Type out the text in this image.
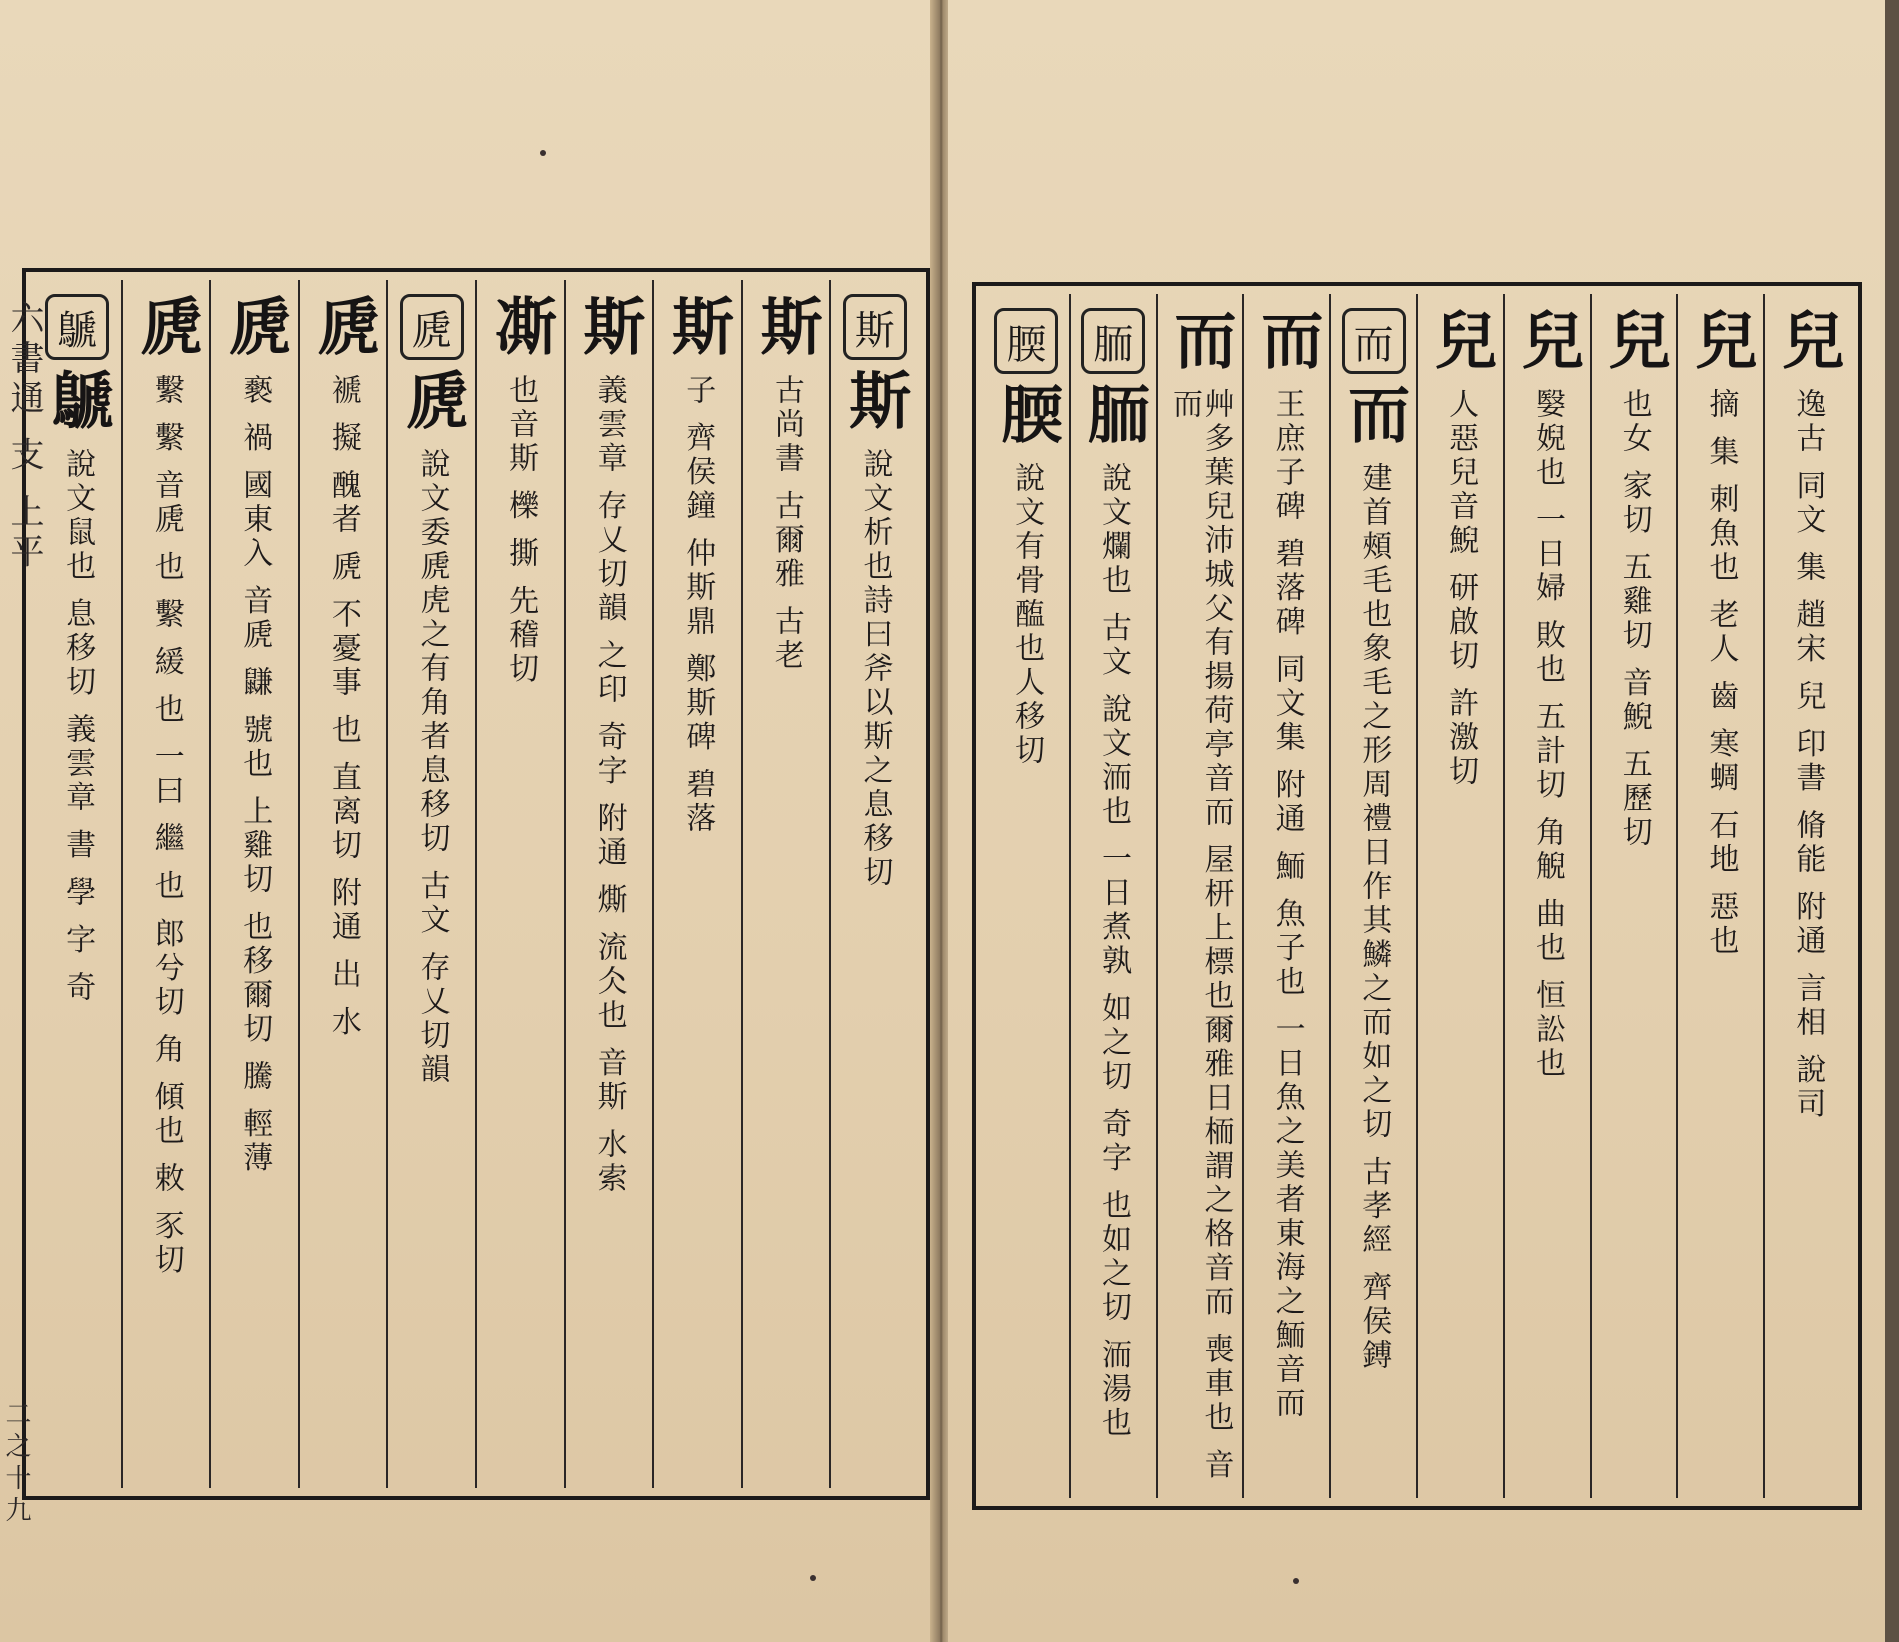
斯
斯
說文析也詩曰斧以斯之息移切
斯
古尚書 古爾雅 古老
斯
子 齊侯鐘 仲斯鼎 鄭斯碑 碧落
斯
義雲章 存乂切韻 之印 奇字 附通 燍 流仌也 音斯 水索
凘
也音斯 櫟 撕 先稽切
虒
虒
說文委虒虎之有角者息移切 古文 存乂切韻
虒
褫 擬 醜者 虒 不憂事 也 直离切 附通 出 水
虒
褻 禍 國東入 音虒 鼸 號也 上雞切 也移爾切 騰 輕薄
虒
繫 繫 音虒 也 繫 緩 也 一曰 繼 也 郎兮切 角 傾也 敕 豕切
鷈
鷈
說文鼠也 息移切 義雲章 書 學 字 奇
六書通 支 上平
二之十九
兒
逸古 同文 集 趙宋 兒 印書 脩能 附通 言相 說司
兒
摘 集 刺魚也 老人 齒 寒蜩 石地 惡也
兒
也女 家切 五雞切 音鯢 五歷切
兒
嫛婗也 一日婦 敗也 五計切 角觬 曲也 恒訟也
兒
人惡兒音鯢 研啟切 許激切
而
而
建首頰毛也象毛之形周禮日作其鱗之而如之切 古孝經 齊侯鎛
而
王庶子碑 碧落碑 同文集 附通 鮞 魚子也 一日魚之美者東海之鮞音而
而
艸多葉兒沛城父有揚荷亭音而 屋枅上標也爾雅日栭謂之格音而 喪車也 音而
胹
胹
說文爛也 古文 說文洏也 一日煮孰 如之切 奇字 也如之切 洏湯也
腝
腝
說文有骨醢也人移切
